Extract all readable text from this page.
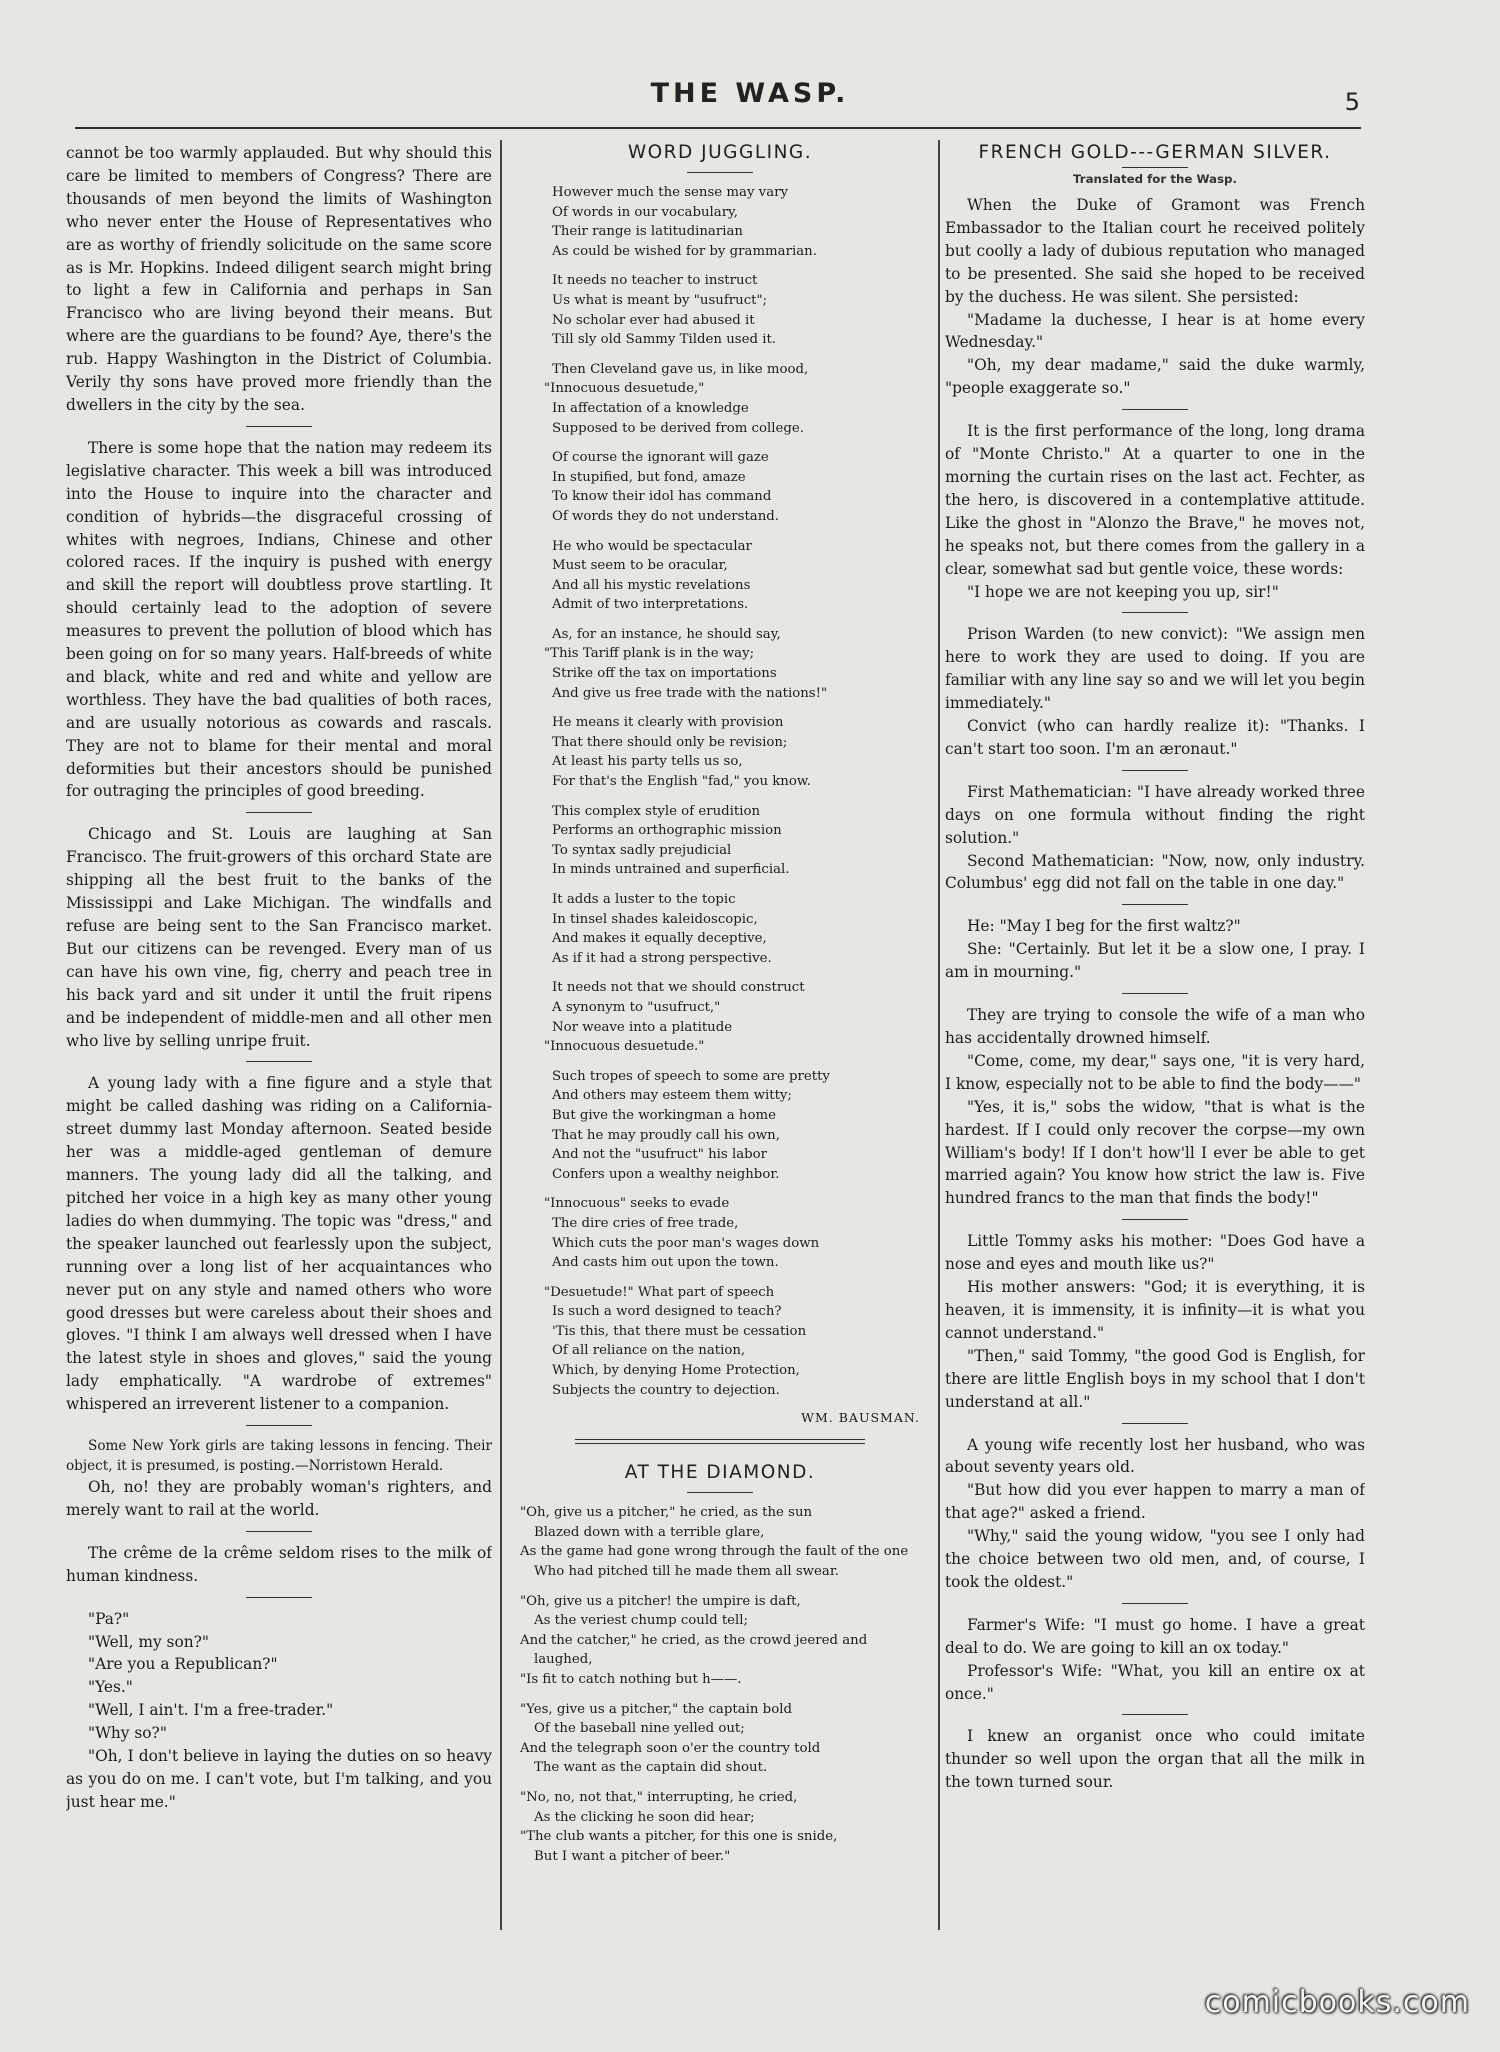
THE WASP.	5

cannot be too warmly applauded. But why should this care be limited to members of Congress? There are thousands of men beyond the limits of Washington who never enter the House of Representatives who are as worthy of friendly solicitude on the same score as is Mr. Hopkins. Indeed diligent search might bring to light a few in California and perhaps in San Francisco who are living beyond their means. But where are the guardians to be found? Aye, there's the rub. Happy Washington in the District of Columbia. Verily thy sons have proved more friendly than the dwellers in the city by the sea.

There is some hope that the nation may redeem its legislative character. This week a bill was introduced into the House to inquire into the character and condition of hybrids—the disgraceful crossing of whites with negroes, Indians, Chinese and other colored races. If the inquiry is pushed with energy and skill the report will doubtless prove startling. It should certainly lead to the adoption of severe measures to prevent the pollution of blood which has been going on for so many years. Half-breeds of white and black, white and red and white and yellow are worthless. They have the bad qualities of both races, and are usually notorious as cowards and rascals. They are not to blame for their mental and moral deformities but their ancestors should be punished for outraging the principles of good breeding.

Chicago and St. Louis are laughing at San Francisco. The fruit-growers of this orchard State are shipping all the best fruit to the banks of the Mississippi and Lake Michigan. The windfalls and refuse are being sent to the San Francisco market. But our citizens can be revenged. Every man of us can have his own vine, fig, cherry and peach tree in his back yard and sit under it until the fruit ripens and be independent of middle-men and all other men who live by selling unripe fruit.

A young lady with a fine figure and a style that might be called dashing was riding on a California-street dummy last Monday afternoon. Seated beside her was a middle-aged gentleman of demure manners. The young lady did all the talking, and pitched her voice in a high key as many other young ladies do when dummying. The topic was "dress," and the speaker launched out fearlessly upon the subject, running over a long list of her acquaintances who never put on any style and named others who wore good dresses but were careless about their shoes and gloves. "I think I am always well dressed when I have the latest style in shoes and gloves," said the young lady emphatically. "A wardrobe of extremes" whispered an irreverent listener to a companion.

Some New York girls are taking lessons in fencing. Their object, it is presumed, is posting.—Norristown Herald.

Oh, no! they are probably woman's righters, and merely want to rail at the world.

The crême de la crême seldom rises to the milk of human kindness.

"Pa?"

"Well, my son?"

"Are you a Republican?"

"Yes."

"Well, I ain't. I'm a free-trader."

"Why so?"

"Oh, I don't believe in laying the duties on so heavy as you do on me. I can't vote, but I'm talking, and you just hear me."

WORD JUGGLING.
However much the sense may vary
Of words in our vocabulary,
Their range is latitudinarian
As could be wished for by grammarian.
It needs no teacher to instruct
Us what is meant by "usufruct";
No scholar ever had abused it
Till sly old Sammy Tilden used it.
Then Cleveland gave us, in like mood,
"Innocuous desuetude,"
In affectation of a knowledge
Supposed to be derived from college.
Of course the ignorant will gaze
In stupified, but fond, amaze
To know their idol has command
Of words they do not understand.
He who would be spectacular
Must seem to be oracular,
And all his mystic revelations
Admit of two interpretations.
As, for an instance, he should say,
"This Tariff plank is in the way;
Strike off the tax on importations
And give us free trade with the nations!"
He means it clearly with provision
That there should only be revision;
At least his party tells us so,
For that's the English "fad," you know.
This complex style of erudition
Performs an orthographic mission
To syntax sadly prejudicial
In minds untrained and superficial.
It adds a luster to the topic
In tinsel shades kaleidoscopic,
And makes it equally deceptive,
As if it had a strong perspective.
It needs not that we should construct
A synonym to "usufruct,"
Nor weave into a platitude
"Innocuous desuetude."
Such tropes of speech to some are pretty
And others may esteem them witty;
But give the workingman a home
That he may proudly call his own,
And not the "usufruct" his labor
Confers upon a wealthy neighbor.
"Innocuous" seeks to evade
The dire cries of free trade,
Which cuts the poor man's wages down
And casts him out upon the town.
"Desuetude!" What part of speech
Is such a word designed to teach?
'Tis this, that there must be cessation
Of all reliance on the nation,
Which, by denying Home Protection,
Subjects the country to dejection.
WM. BAUSMAN.
AT THE DIAMOND.
"Oh, give us a pitcher," he cried, as the sun
Blazed down with a terrible glare,
As the game had gone wrong through the fault of the one
Who had pitched till he made them all swear.
"Oh, give us a pitcher! the umpire is daft,
As the veriest chump could tell;
And the catcher," he cried, as the crowd jeered and
laughed,
"Is fit to catch nothing but h——.
"Yes, give us a pitcher," the captain bold
Of the baseball nine yelled out;
And the telegraph soon o'er the country told
The want as the captain did shout.
"No, no, not that," interrupting, he cried,
As the clicking he soon did hear;
"The club wants a pitcher, for this one is snide,
But I want a pitcher of beer."
FRENCH GOLD---GERMAN SILVER.
Translated for the Wasp.

When the Duke of Gramont was French Embassador to the Italian court he received politely but coolly a lady of dubious reputation who managed to be presented. She said she hoped to be received by the duchess. He was silent. She persisted:

"Madame la duchesse, I hear is at home every Wednesday."

"Oh, my dear madame," said the duke warmly, "people exaggerate so."

It is the first performance of the long, long drama of "Monte Christo." At a quarter to one in the morning the curtain rises on the last act. Fechter, as the hero, is discovered in a contemplative attitude. Like the ghost in "Alonzo the Brave," he moves not, he speaks not, but there comes from the gallery in a clear, somewhat sad but gentle voice, these words:

"I hope we are not keeping you up, sir!"

Prison Warden (to new convict): "We assign men here to work they are used to doing. If you are familiar with any line say so and we will let you begin immediately."

Convict (who can hardly realize it): "Thanks. I can't start too soon. I'm an æronaut."

First Mathematician: "I have already worked three days on one formula without finding the right solution."

Second Mathematician: "Now, now, only industry. Columbus' egg did not fall on the table in one day."

He: "May I beg for the first waltz?"

She: "Certainly. But let it be a slow one, I pray. I am in mourning."

They are trying to console the wife of a man who has accidentally drowned himself.

"Come, come, my dear," says one, "it is very hard, I know, especially not to be able to find the body——"

"Yes, it is," sobs the widow, "that is what is the hardest. If I could only recover the corpse—my own William's body! If I don't how'll I ever be able to get married again? You know how strict the law is. Five hundred francs to the man that finds the body!"

Little Tommy asks his mother: "Does God have a nose and eyes and mouth like us?"

His mother answers: "God; it is everything, it is heaven, it is immensity, it is infinity—it is what you cannot understand."

"Then," said Tommy, "the good God is English, for there are little English boys in my school that I don't understand at all."

A young wife recently lost her husband, who was about seventy years old.

"But how did you ever happen to marry a man of that age?" asked a friend.

"Why," said the young widow, "you see I only had the choice between two old men, and, of course, I took the oldest."

Farmer's Wife: "I must go home. I have a great deal to do. We are going to kill an ox today."

Professor's Wife: "What, you kill an entire ox at once."

I knew an organist once who could imitate thunder so well upon the organ that all the milk in the town turned sour.

comicbooks.com
